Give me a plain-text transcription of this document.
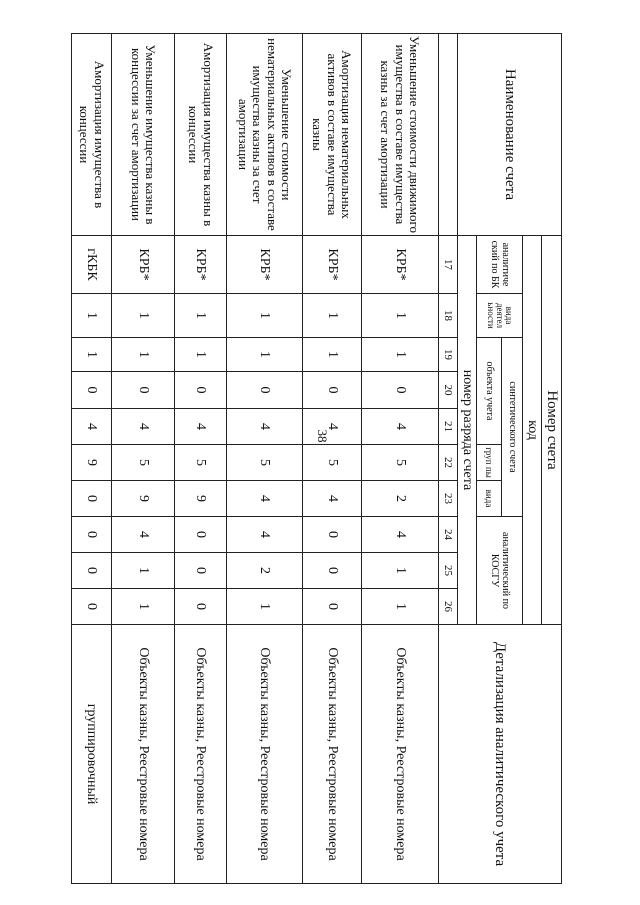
38
Наименование счета	Номер счета										Детализация аналитического учета
	код										
	аналитиче ский по БК	вида деятел ьности	синтетического счета					аналитический по КОСГУ			
			объекта учета			груп пы	вида				
	номер разряда счета										
	17	18	19	20	21	22	23	24	25	26	
Уменьшение стоимости движимого имущества в составе имущества казны за счет амортизации	КРБ*	1	1	0	4	5	2	4	1	1	Объекты казны, Реестровые номера
Амортизация нематериальных активов в составе имущества казны	КРБ*	1	1	0	4	5	4	0	0	0	Объекты казны, Реестровые номера
Уменьшение стоимости нематериальных активов в составе имущества казны за счет амортизации	КРБ*	1	1	0	4	5	4	4	2	1	Объекты казны, Реестровые номера
Амортизация имущества казны в концессии	КРБ*	1	1	0	4	5	9	0	0	0	Объекты казны, Реестровые номера
Уменьшение имущества казны в концессии за счет амортизации	КРБ*	1	1	0	4	5	9	4	1	1	Объекты казны, Реестровые номера
Амортизация имущества в концессии	гКБК	1	1	0	4	9	0	0	0	0	группировочный
